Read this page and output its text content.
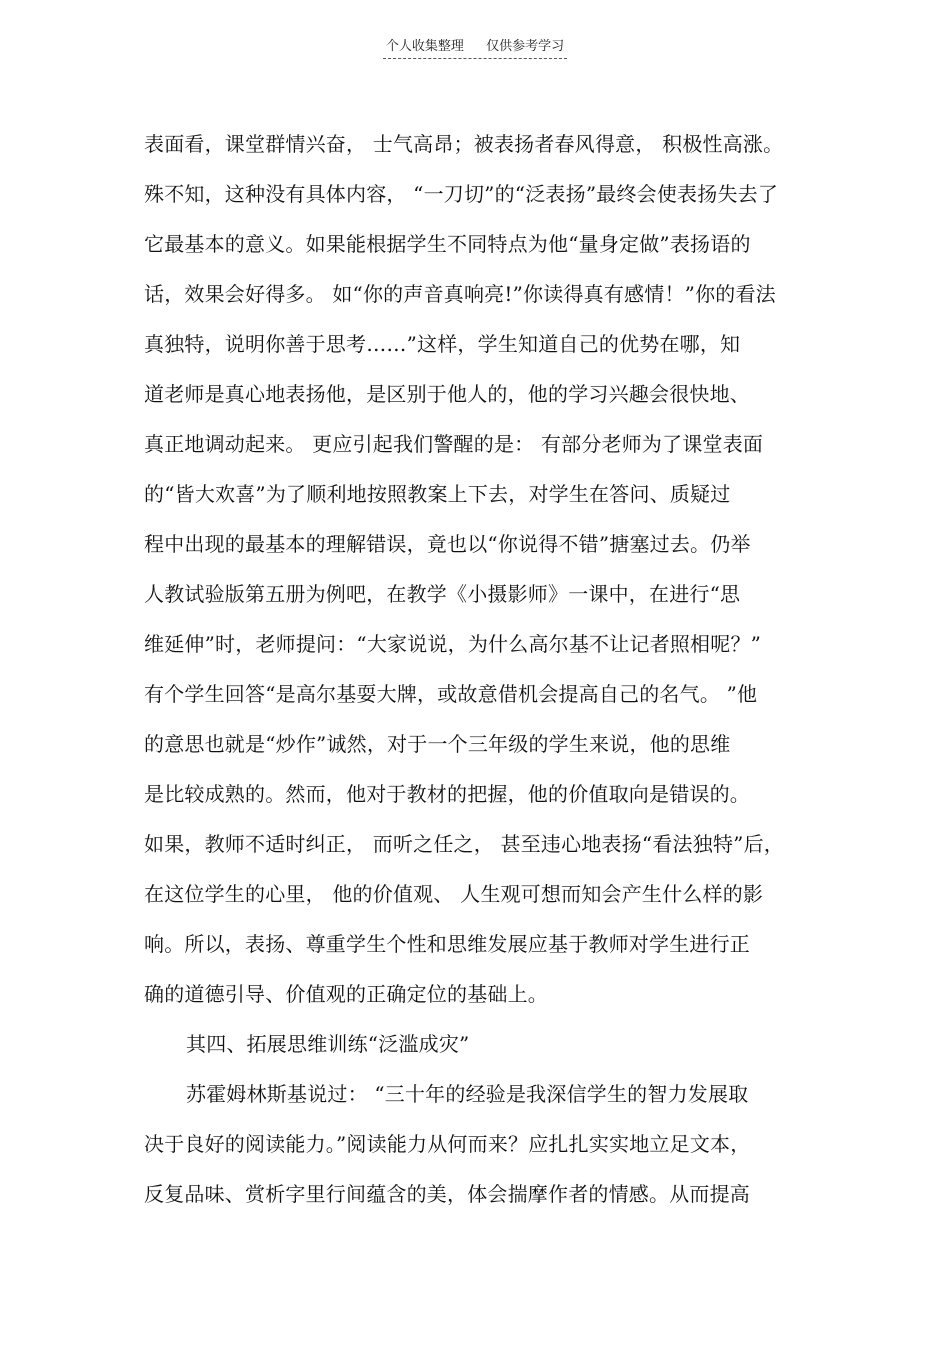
个人收集整理 仅供参考学习
表面看，课堂群情兴奋， 士气高昂；被表扬者春风得意， 积极性高涨。
殊不知，这种没有具体内容， “一刀切”的“泛表扬”最终会使表扬失去了
它最基本的意义。如果能根据学生不同特点为他“量身定做”表扬语的
话，效果会好得多。 如“你的声音真响亮!”你读得真有感情！”你的看法
真独特，说明你善于思考……”这样，学生知道自己的优势在哪，知
道老师是真心地表扬他，是区别于他人的，他的学习兴趣会很快地、
真正地调动起来。 更应引起我们警醒的是： 有部分老师为了课堂表面
的“皆大欢喜”为了顺利地按照教案上下去，对学生在答问、质疑过
程中出现的最基本的理解错误，竟也以“你说得不错”搪塞过去。仍举
人教试验版第五册为例吧，在教学《小摄影师》一课中，在进行“思
维延伸”时，老师提问：“大家说说，为什么高尔基不让记者照相呢？”
有个学生回答“是高尔基耍大牌，或故意借机会提高自己的名气。 ”他
的意思也就是“炒作”诚然，对于一个三年级的学生来说，他的思维
是比较成熟的。然而，他对于教材的把握，他的价值取向是错误的。
如果，教师不适时纠正， 而听之任之， 甚至违心地表扬“看法独特”后，
在这位学生的心里， 他的价值观、 人生观可想而知会产生什么样的影
响。所以，表扬、尊重学生个性和思维发展应基于教师对学生进行正
确的道德引导、价值观的正确定位的基础上。
其四、拓展思维训练“泛滥成灾”
苏霍姆林斯基说过： “三十年的经验是我深信学生的智力发展取
决于良好的阅读能力。”阅读能力从何而来？应扎扎实实地立足文本，
反复品味、赏析字里行间蕴含的美，体会揣摩作者的情感。从而提高
